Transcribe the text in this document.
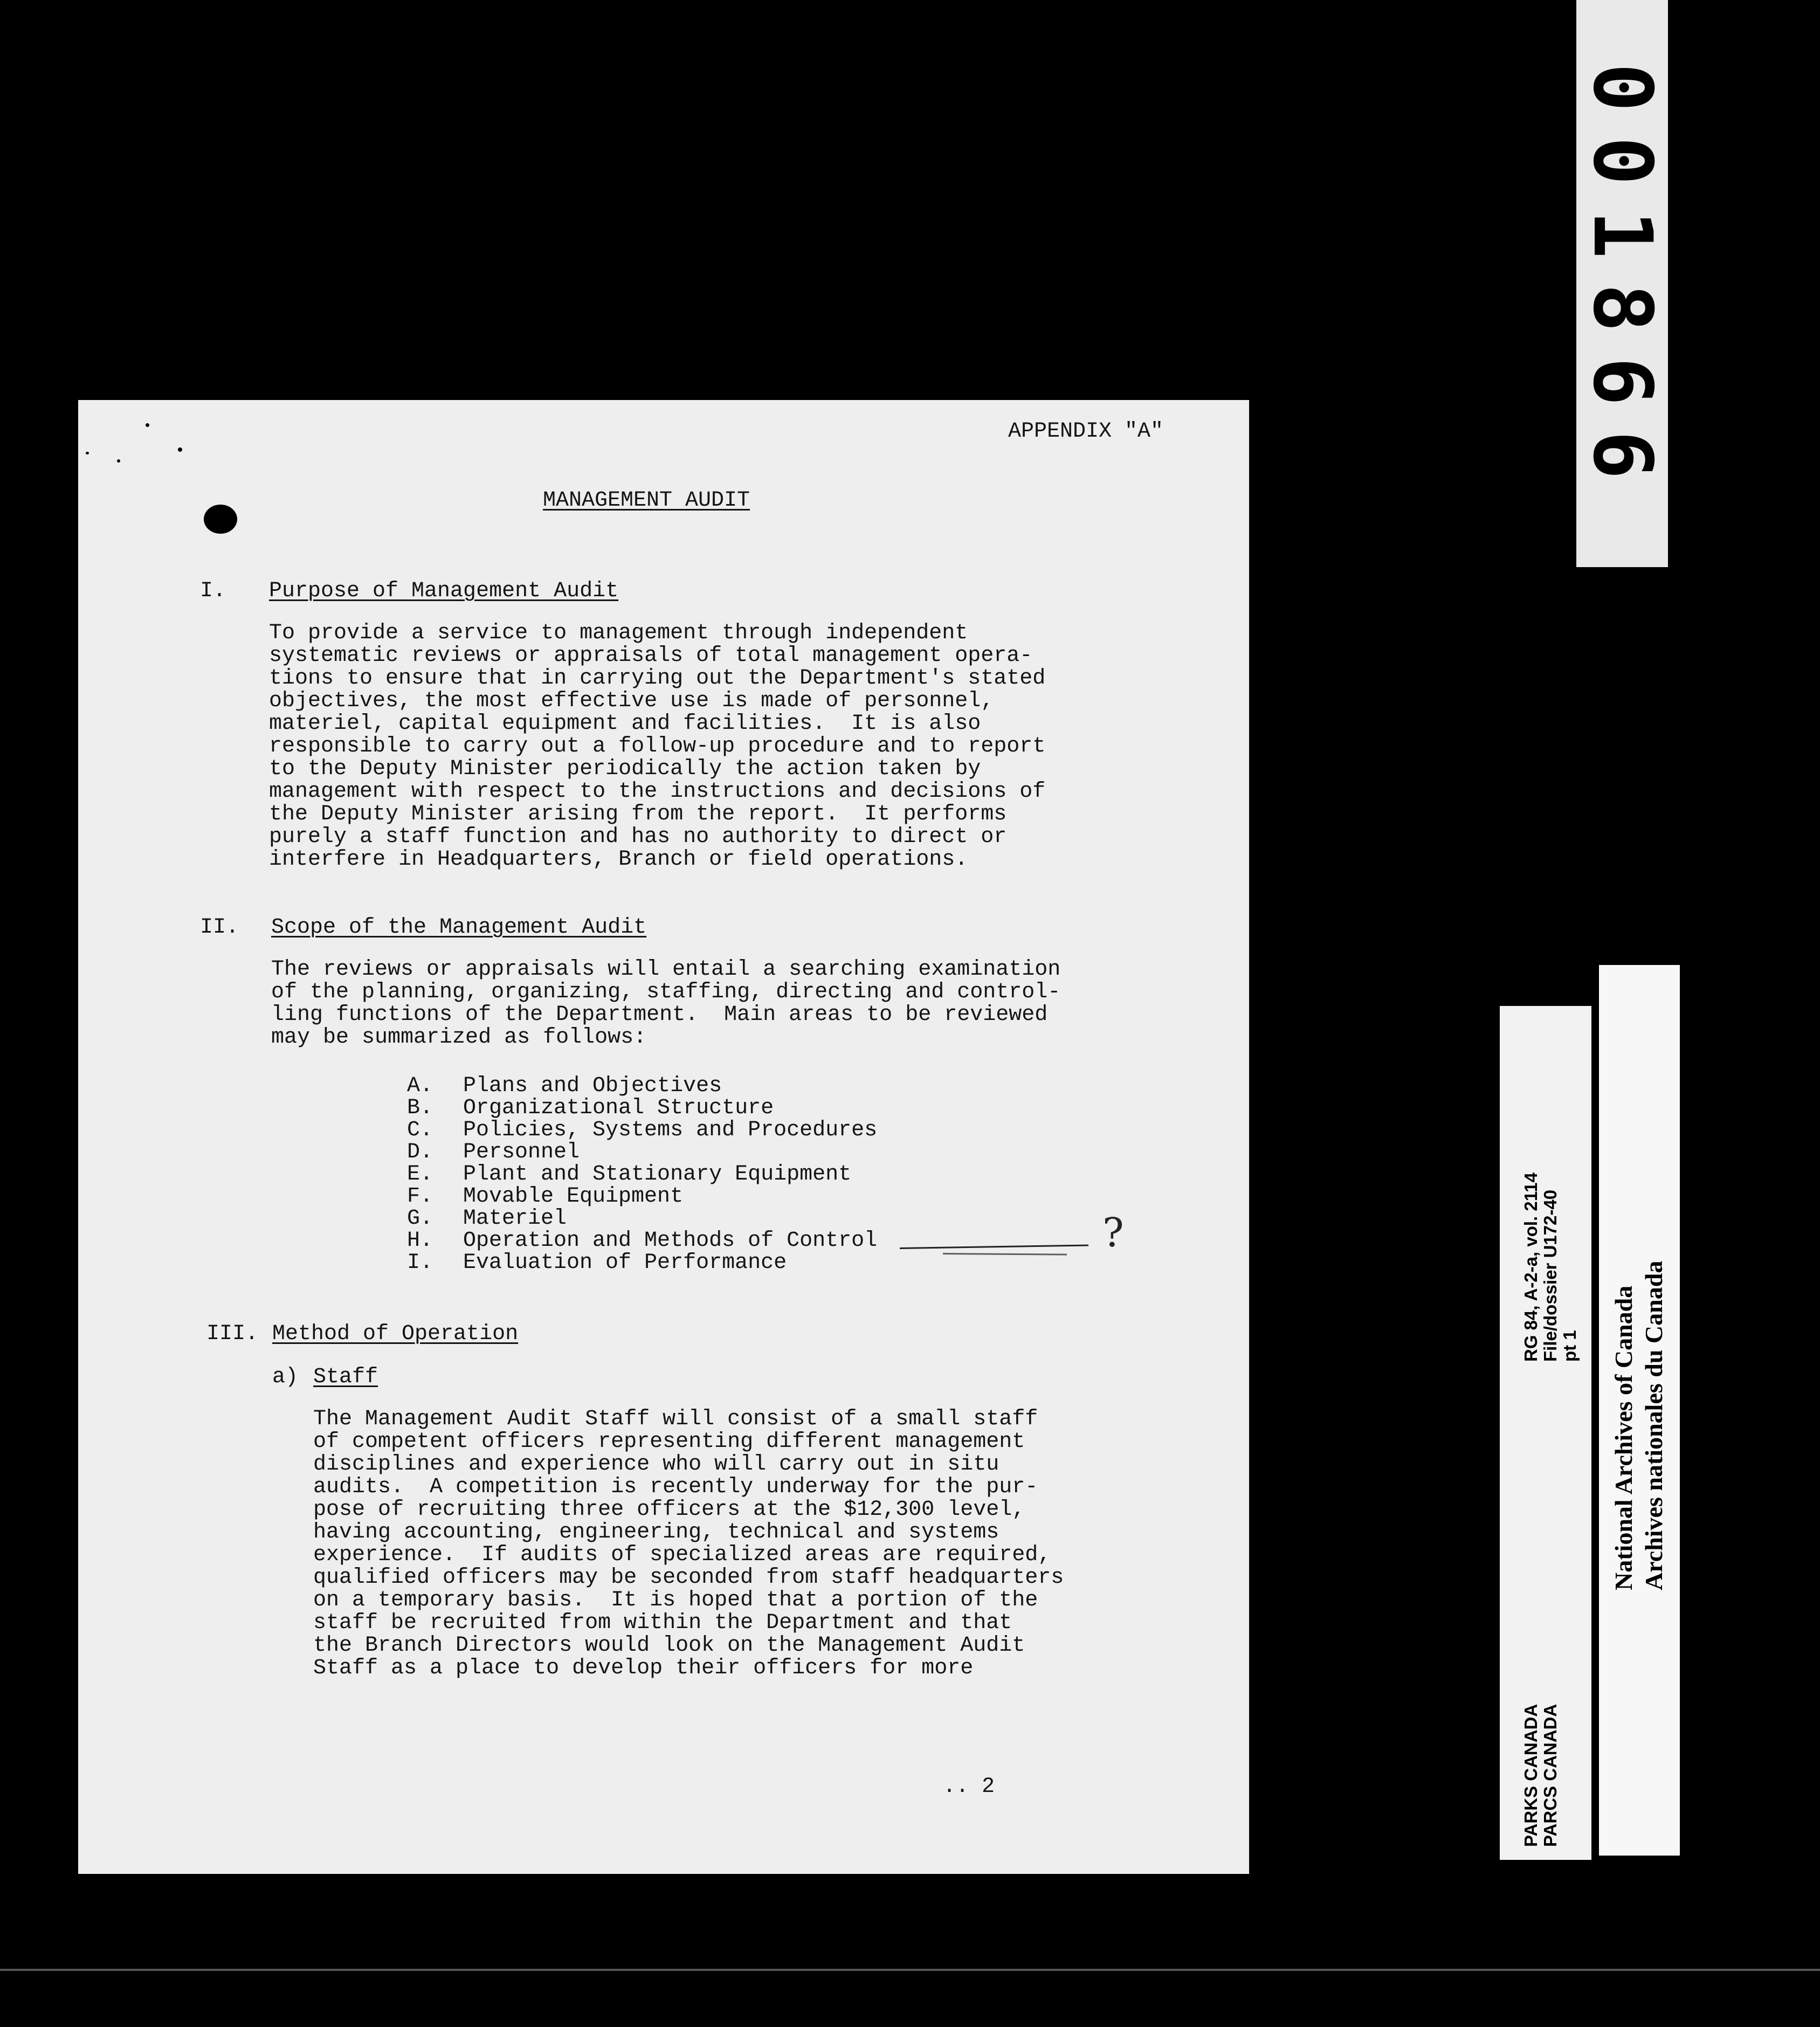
APPENDIX "A"
MANAGEMENT AUDIT
I. Purpose of Management Audit
To provide a service to management through independent
systematic reviews or appraisals of total management opera-
tions to ensure that in carrying out the Department's stated
objectives, the most effective use is made of personnel,
materiel, capital equipment and facilities.  It is also
responsible to carry out a follow-up procedure and to report
to the Deputy Minister periodically the action taken by
management with respect to the instructions and decisions of
the Deputy Minister arising from the report.  It performs
purely a staff function and has no authority to direct or
interfere in Headquarters, Branch or field operations.
II. Scope of the Management Audit
The reviews or appraisals will entail a searching examination
of the planning, organizing, staffing, directing and control-
ling functions of the Department.  Main areas to be reviewed
may be summarized as follows:
A.	Plans and Objectives
B.	Organizational Structure
C.	Policies, Systems and Procedures
D.	Personnel
E.	Plant and Stationary Equipment
F.	Movable Equipment
G.	Materiel
H.	Operation and Methods of Control
I.	Evaluation of Performance
?
III. Method of Operation
a) Staff
The Management Audit Staff will consist of a small staff
of competent officers representing different management
disciplines and experience who will carry out in situ
audits.  A competition is recently underway for the pur-
pose of recruiting three officers at the $12,300 level,
having accounting, engineering, technical and systems
experience.  If audits of specialized areas are required,
qualified officers may be seconded from staff headquarters
on a temporary basis.  It is hoped that a portion of the
staff be recruited from within the Department and that
the Branch Directors would look on the Management Audit
Staff as a place to develop their officers for more
.. 2
001866
RG 84, A-2-a, vol. 2114 File/dossier U172-40 pt 1
PARKS CANADA PARCS CANADA
National Archives of Canada Archives nationales du Canada
